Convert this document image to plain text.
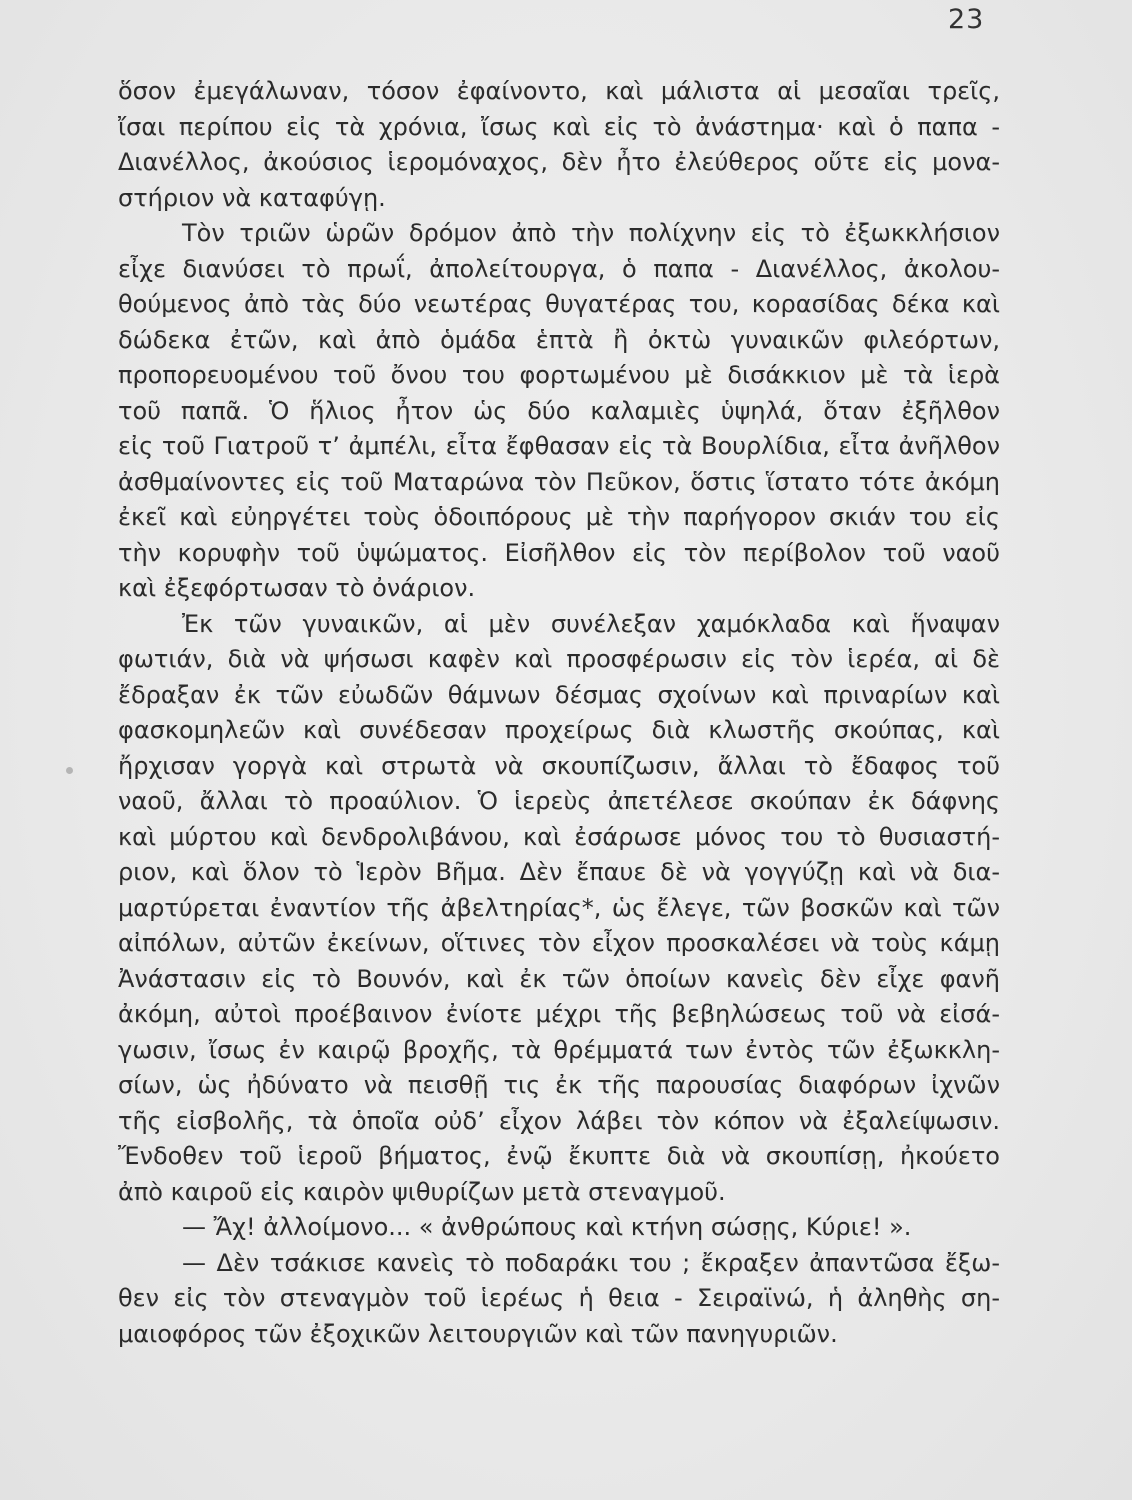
23
ὅσον ἐμεγάλωναν, τόσον ἐφαίνοντο, καὶ μάλιστα αἱ μεσαῖαι τρεῖς,
ἴσαι περίπου εἰς τὰ χρόνια, ἴσως καὶ εἰς τὸ ἀνάστημα· καὶ ὁ παπα -
Διανέλλος, ἀκούσιος ἱερομόναχος, δὲν ἦτο ἐλεύθερος οὔτε εἰς μονα-
στήριον νὰ καταφύγῃ.
Τὸν τριῶν ὡρῶν δρόμον ἀπὸ τὴν πολίχνην εἰς τὸ ἐξωκκλήσιον
εἶχε διανύσει τὸ πρωΐ, ἀπολείτουργα, ὁ παπα - Διανέλλος, ἀκολου-
θούμενος ἀπὸ τὰς δύο νεωτέρας θυγατέρας του, κορασίδας δέκα καὶ
δώδεκα ἐτῶν, καὶ ἀπὸ ὁμάδα ἑπτὰ ἢ ὀκτὼ γυναικῶν φιλεόρτων,
προπορευομένου τοῦ ὄνου του φορτωμένου μὲ δισάκκιον μὲ τὰ ἱερὰ
τοῦ παπᾶ. Ὁ ἥλιος ἦτον ὡς δύο καλαμιὲς ὑψηλά, ὅταν ἐξῆλθον
εἰς τοῦ Γιατροῦ τ’ ἀμπέλι, εἶτα ἔφθασαν εἰς τὰ Βουρλίδια, εἶτα ἀνῆλθον
ἀσθμαίνοντες εἰς τοῦ Ματαρώνα τὸν Πεῦκον, ὅστις ἵστατο τότε ἀκόμη
ἐκεῖ καὶ εὐηργέτει τοὺς ὁδοιπόρους μὲ τὴν παρήγορον σκιάν του εἰς
τὴν κορυφὴν τοῦ ὑψώματος. Εἰσῆλθον εἰς τὸν περίβολον τοῦ ναοῦ
καὶ ἐξεφόρτωσαν τὸ ὀνάριον.
Ἐκ τῶν γυναικῶν, αἱ μὲν συνέλεξαν χαμόκλαδα καὶ ἥναψαν
φωτιάν, διὰ νὰ ψήσωσι καφὲν καὶ προσφέρωσιν εἰς τὸν ἱερέα, αἱ δὲ
ἔδραξαν ἐκ τῶν εὐωδῶν θάμνων δέσμας σχοίνων καὶ πριναρίων καὶ
φασκομηλεῶν καὶ συνέδεσαν προχείρως διὰ κλωστῆς σκούπας, καὶ
ἤρχισαν γοργὰ καὶ στρωτὰ νὰ σκουπίζωσιν, ἄλλαι τὸ ἔδαφος τοῦ
ναοῦ, ἄλλαι τὸ προαύλιον. Ὁ ἱερεὺς ἀπετέλεσε σκούπαν ἐκ δάφνης
καὶ μύρτου καὶ δενδρολιβάνου, καὶ ἐσάρωσε μόνος του τὸ θυσιαστή-
ριον, καὶ ὅλον τὸ Ἱερὸν Βῆμα. Δὲν ἔπαυε δὲ νὰ γογγύζῃ καὶ νὰ δια-
μαρτύρεται ἐναντίον τῆς ἀβελτηρίας*, ὡς ἔλεγε, τῶν βοσκῶν καὶ τῶν
αἰπόλων, αὐτῶν ἐκείνων, οἵτινες τὸν εἶχον προσκαλέσει νὰ τοὺς κάμῃ
Ἀνάστασιν εἰς τὸ Βουνόν, καὶ ἐκ τῶν ὁποίων κανεὶς δὲν εἶχε φανῆ
ἀκόμη, αὐτοὶ προέβαινον ἐνίοτε μέχρι τῆς βεβηλώσεως τοῦ νὰ εἰσά-
γωσιν, ἴσως ἐν καιρῷ βροχῆς, τὰ θρέμματά των ἐντὸς τῶν ἐξωκκλη-
σίων, ὡς ἠδύνατο νὰ πεισθῇ τις ἐκ τῆς παρουσίας διαφόρων ἰχνῶν
τῆς εἰσβολῆς, τὰ ὁποῖα οὐδ’ εἶχον λάβει τὸν κόπον νὰ ἐξαλείψωσιν.
Ἔνδοθεν τοῦ ἱεροῦ βήματος, ἐνῷ ἔκυπτε διὰ νὰ σκουπίσῃ, ἠκούετο
ἀπὸ καιροῦ εἰς καιρὸν ψιθυρίζων μετὰ στεναγμοῦ.
— Ἄχ! ἀλλοίμονο... « ἀνθρώπους καὶ κτήνη σώσῃς, Κύριε! ».
— Δὲν τσάκισε κανεὶς τὸ ποδαράκι του ; ἔκραξεν ἀπαντῶσα ἔξω-
θεν εἰς τὸν στεναγμὸν τοῦ ἱερέως ἡ θεια - Σειραϊνώ, ἡ ἀληθὴς ση-
μαιοφόρος τῶν ἐξοχικῶν λειτουργιῶν καὶ τῶν πανηγυριῶν.
